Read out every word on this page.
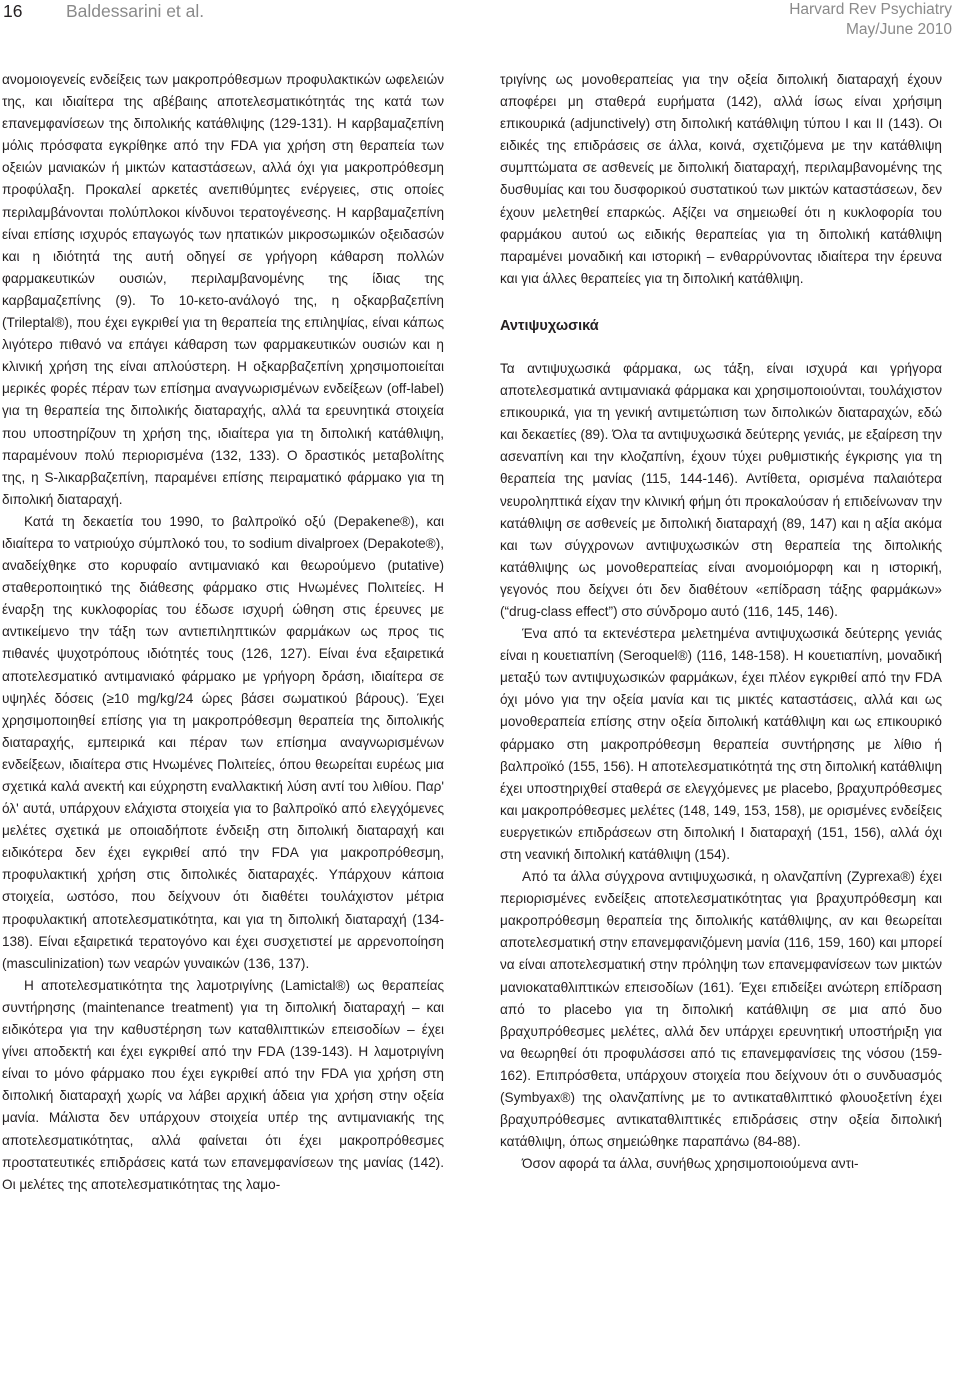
16 Baldessarini et al.	Harvard Rev Psychiatry
May/June 2010

ανομοιογενείς ενδείξεις των μακροπρόθεσμων προφυλακτικών ωφελειών της, και ιδιαίτερα της αβέβαιης αποτελεσματικότητάς της κατά των επανεμφανίσεων της διπολικής κατάθλιψης (129-131). Η καρβαμαζεπίνη μόλις πρόσφατα εγκρίθηκε από την FDA για χρήση στη θεραπεία των οξειών μανιακών ή μικτών καταστάσεων, αλλά όχι για μακροπρόθεσμη προφύλαξη. Προκαλεί αρκετές ανεπιθύμητες ενέργειες, στις οποίες περιλαμβάνονται πολύπλοκοι κίνδυνοι τερατογένεσης. Η καρβαμαζεπίνη είναι επίσης ισχυρός επαγωγός των ηπατικών μικροσωμικών οξειδασών και η ιδιότητά της αυτή οδηγεί σε γρήγορη κάθαρση πολλών φαρμακευτικών ουσιών, περιλαμβανομένης της ίδιας της καρβαμαζεπίνης (9). Το 10-κετο-ανάλογό της, η οξκαρβαζεπίνη (Trileptal®), που έχει εγκριθεί για τη θεραπεία της επιληψίας, είναι κάπως λιγότερο πιθανό να επάγει κάθαρση των φαρμακευτικών ουσιών και η κλινική χρήση της είναι απλούστερη. Η οξκαρβαζεπίνη χρησιμοποιείται μερικές φορές πέραν των επίσημα αναγνωρισμένων ενδείξεων (off-label) για τη θεραπεία της διπολικής διαταραχής, αλλά τα ερευνητικά στοιχεία που υποστηρίζουν τη χρήση της, ιδιαίτερα για τη διπολική κατάθλιψη, παραμένουν πολύ περιορισμένα (132, 133). Ο δραστικός μεταβολίτης της, η S-λικαρβαζεπίνη, παραμένει επίσης πειραματικό φάρμακο για τη διπολική διαταραχή.

Κατά τη δεκαετία του 1990, το βαλπροϊκό οξύ (Depakene®), και ιδιαίτερα το νατριούχο σύμπλοκό του, το sodium divalproex (Depakote®), αναδείχθηκε στο κορυφαίο αντιμανιακό και θεωρούμενο (putative) σταθεροποιητικό της διάθεσης φάρμακο στις Ηνωμένες Πολιτείες. Η έναρξη της κυκλοφορίας του έδωσε ισχυρή ώθηση στις έρευνες με αντικείμενο την τάξη των αντιεπιληπτικών φαρμάκων ως προς τις πιθανές ψυχοτρόπους ιδιότητές τους (126, 127). Είναι ένα εξαιρετικά αποτελεσματικό αντιμανιακό φάρμακο με γρήγορη δράση, ιδιαίτερα σε υψηλές δόσεις (≥10 mg/kg/24 ώρες βάσει σωματικού βάρους). Έχει χρησιμοποιηθεί επίσης για τη μακροπρόθεσμη θεραπεία της διπολικής διαταραχής, εμπειρικά και πέραν των επίσημα αναγνωρισμένων ενδείξεων, ιδιαίτερα στις Ηνωμένες Πολιτείες, όπου θεωρείται ευρέως μια σχετικά καλά ανεκτή και εύχρηστη εναλλακτική λύση αντί του λιθίου. Παρ' όλ' αυτά, υπάρχουν ελάχιστα στοιχεία για το βαλπροϊκό από ελεγχόμενες μελέτες σχετικά με οποιαδήποτε ένδειξη στη διπολική διαταραχή και ειδικότερα δεν έχει εγκριθεί από την FDA για μακροπρόθεσμη, προφυλακτική χρήση στις διπολικές διαταραχές. Υπάρχουν κάποια στοιχεία, ωστόσο, που δείχνουν ότι διαθέτει τουλάχιστον μέτρια προφυλακτική αποτελεσματικότητα, και για τη διπολική διαταραχή (134-138). Είναι εξαιρετικά τερατογόνο και έχει συσχετιστεί με αρρενοποίηση (masculinization) των νεαρών γυναικών (136, 137).

Η αποτελεσματικότητα της λαμοτριγίνης (Lamictal®) ως θεραπείας συντήρησης (maintenance treatment) για τη διπολική διαταραχή – και ειδικότερα για την καθυστέρηση των καταθλιπτικών επεισοδίων – έχει γίνει αποδεκτή και έχει εγκριθεί από την FDA (139-143). Η λαμοτριγίνη είναι το μόνο φάρμακο που έχει εγκριθεί από την FDA για χρήση στη διπολική διαταραχή χωρίς να λάβει αρχική άδεια για χρήση στην οξεία μανία. Μάλιστα δεν υπάρχουν στοιχεία υπέρ της αντιμανιακής της αποτελεσματικότητας, αλλά φαίνεται ότι έχει μακροπρόθεσμες προστατευτικές επιδράσεις κατά των επανεμφανίσεων της μανίας (142). Οι μελέτες της αποτελεσματικότητας της λαμο-

τριγίνης ως μονοθεραπείας για την οξεία διπολική διαταραχή έχουν αποφέρει μη σταθερά ευρήματα (142), αλλά ίσως είναι χρήσιμη επικουρικά (adjunctively) στη διπολική κατάθλιψη τύπου I και II (143). Οι ειδικές της επιδράσεις σε άλλα, κοινά, σχετιζόμενα με την κατάθλιψη συμπτώματα σε ασθενείς με διπολική διαταραχή, περιλαμβανομένης της δυσθυμίας και του δυσφορικού συστατικού των μικτών καταστάσεων, δεν έχουν μελετηθεί επαρκώς. Αξίζει να σημειωθεί ότι η κυκλοφορία του φαρμάκου αυτού ως ειδικής θεραπείας για τη διπολική κατάθλιψη παραμένει μοναδική και ιστορική – ενθαρρύνοντας ιδιαίτερα την έρευνα και για άλλες θεραπείες για τη διπολική κατάθλιψη.

Αντιψυχωσικά

Τα αντιψυχωσικά φάρμακα, ως τάξη, είναι ισχυρά και γρήγορα αποτελεσματικά αντιμανιακά φάρμακα και χρησιμοποιούνται, τουλάχιστον επικουρικά, για τη γενική αντιμετώπιση των διπολικών διαταραχών, εδώ και δεκαετίες (89). Όλα τα αντιψυχωσικά δεύτερης γενιάς, με εξαίρεση την ασεναπίνη και την κλοζαπίνη, έχουν τύχει ρυθμιστικής έγκρισης για τη θεραπεία της μανίας (115, 144-146). Αντίθετα, ορισμένα παλαιότερα νευροληπτικά είχαν την κλινική φήμη ότι προκαλούσαν ή επιδείνωναν την κατάθλιψη σε ασθενείς με διπολική διαταραχή (89, 147) και η αξία ακόμα και των σύγχρονων αντιψυχωσικών στη θεραπεία της διπολικής κατάθλιψης ως μονοθεραπείας είναι ανομοιόμορφη και η ιστορική, γεγονός που δείχνει ότι δεν διαθέτουν «επίδραση τάξης φαρμάκων» (“drug-class effect”) στο σύνδρομο αυτό (116, 145, 146).

Ένα από τα εκτενέστερα μελετημένα αντιψυχωσικά δεύτερης γενιάς είναι η κουετιαπίνη (Seroquel®) (116, 148-158). Η κουετιαπίνη, μοναδική μεταξύ των αντιψυχωσικών φαρμάκων, έχει πλέον εγκριθεί από την FDA όχι μόνο για την οξεία μανία και τις μικτές καταστάσεις, αλλά και ως μονοθεραπεία επίσης στην οξεία διπολική κατάθλιψη και ως επικουρικό φάρμακο στη μακροπρόθεσμη θεραπεία συντήρησης με λίθιο ή βαλπροϊκό (155, 156). Η αποτελεσματικότητά της στη διπολική κατάθλιψη έχει υποστηριχθεί σταθερά σε ελεγχόμενες με placebo, βραχυπρόθεσμες και μακροπρόθεσμες μελέτες (148, 149, 153, 158), με ορισμένες ενδείξεις ευεργετικών επιδράσεων στη διπολική I διαταραχή (151, 156), αλλά όχι στη νεανική διπολική κατάθλιψη (154).

Από τα άλλα σύγχρονα αντιψυχωσικά, η ολανζαπίνη (Zyprexa®) έχει περιορισμένες ενδείξεις αποτελεσματικότητας για βραχυπρόθεσμη και μακροπρόθεσμη θεραπεία της διπολικής κατάθλιψης, αν και θεωρείται αποτελεσματική στην επανεμφανιζόμενη μανία (116, 159, 160) και μπορεί να είναι αποτελεσματική στην πρόληψη των επανεμφανίσεων των μικτών μανιοκαταθλιπτικών επεισοδίων (161). Έχει επιδείξει ανώτερη επίδραση από το placebo για τη διπολική κατάθλιψη σε μια από δυο βραχυπρόθεσμες μελέτες, αλλά δεν υπάρχει ερευνητική υποστήριξη για να θεωρηθεί ότι προφυλάσσει από τις επανεμφανίσεις της νόσου (159-162). Επιπρόσθετα, υπάρχουν στοιχεία που δείχνουν ότι ο συνδυασμός (Symbyax®) της ολανζαπίνης με το αντικαταθλιπτικό φλουοξετίνη έχει βραχυπρόθεσμες αντικαταθλιπτικές επιδράσεις στην οξεία διπολική κατάθλιψη, όπως σημειώθηκε παραπάνω (84-88).

Όσον αφορά τα άλλα, συνήθως χρησιμοποιούμενα αντι-
